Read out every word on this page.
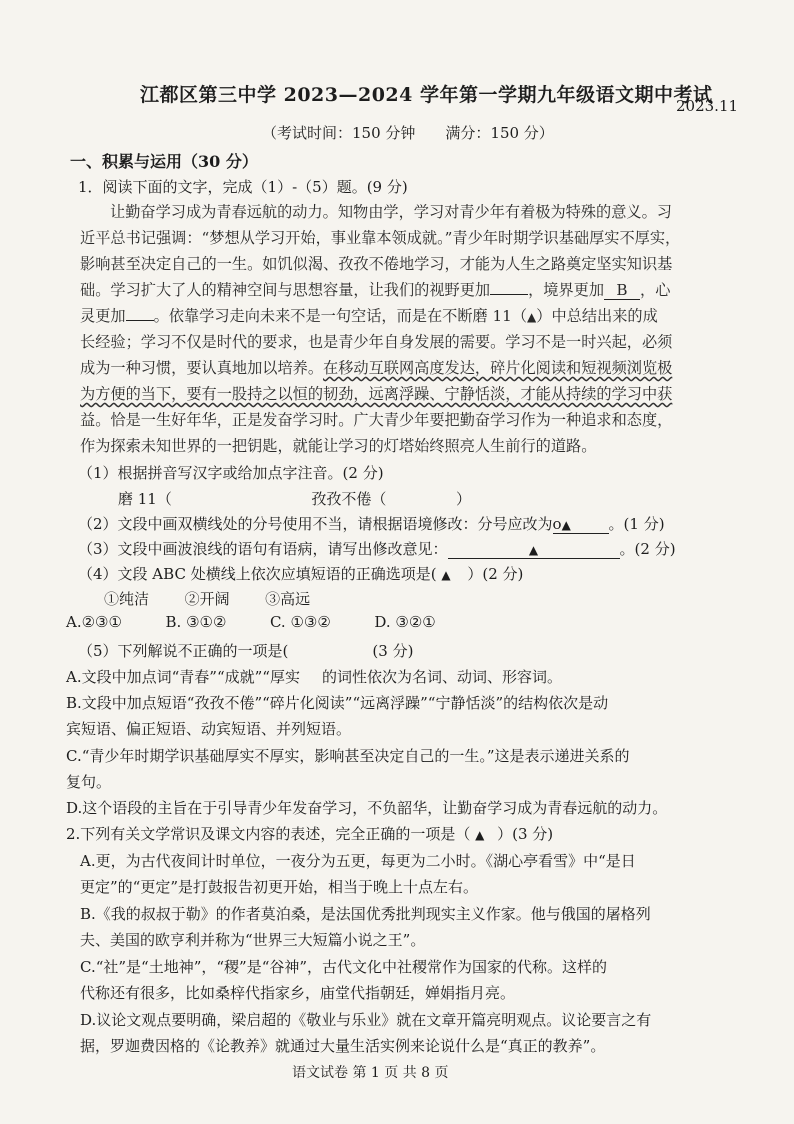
江都区第三中学 2023—2024 学年第一学期九年级语文期中考试
2023.11
（考试时间：150 分钟　　满分：150 分）
一、积累与运用（30 分）
1．阅读下面的文字，完成（1）-（5）题。(9 分)
让勤奋学习成为青春远航的动力。知物由学，学习对青少年有着极为特殊的意义。习
近平总书记强调：“梦想从学习开始，事业靠本领成就。”青少年时期学识基础厚实不厚实，
影响甚至决定自己的一生。如饥似渴、孜孜不倦地学习，才能为人生之路奠定坚实知识基
础。学习扩大了人的精神空间与思想容量，让我们的视野更加	，境界更加 B ，心
灵更加 。依靠学习走向未来不是一句空话，而是在不断磨 11（▲）中总结出来的成
长经验；学习不仅是时代的要求，也是青少年自身发展的需要。学习不是一时兴起，必须
成为一种习惯，要认真地加以培养。在移动互联网高度发达，碎片化阅读和短视频浏览极
为方便的当下，要有一股持之以恒的韧劲，远离浮躁、宁静恬淡，才能从持续的学习中获
益。恰是一生好年华，正是发奋学习时。广大青少年要把勤奋学习作为一种追求和态度，
作为探索未知世界的一把钥匙，就能让学习的灯塔始终照亮人生前行的道路。
（1）根据拼音写汉字或给加点字注音。(2 分)
磨 11（	孜孜不倦（	）
（2）文段中画双横线处的分号使用不当，请根据语境修改：分号应改为o▲	。(1 分)
（3）文段中画波浪线的语句有语病，请写出修改意见：	▲	。(2 分)
（4）文段 ABC 处横线上依次应填短语的正确选项是( ▲ ）(2 分)
①纯洁 ②开阔 ③高远
A.②③①	B. ③①②	C. ①③②	D. ③②①
（5）下列解说不正确的一项是(	(3 分)
A.文段中加点词“青春”“成就”“厚实 的词性依次为名词、动词、形容词。
B.文段中加点短语“孜孜不倦”“碎片化阅读”“远离浮躁”“宁静恬淡”的结构依次是动
宾短语、偏正短语、动宾短语、并列短语。
C.“青少年时期学识基础厚实不厚实，影响甚至决定自己的一生。”这是表示递进关系的
复句。
D.这个语段的主旨在于引导青少年发奋学习，不负韶华，让勤奋学习成为青春远航的动力。
2.下列有关文学常识及课文内容的表述，完全正确的一项是（ ▲ ）(3 分)
A.更，为古代夜间计时单位，一夜分为五更，每更为二小时。《湖心亭看雪》中“是日
更定”的“更定”是打鼓报告初更开始，相当于晚上十点左右。
B.《我的叔叔于勒》的作者莫泊桑，是法国优秀批判现实主义作家。他与俄国的屠格列
夫、美国的欧亨利并称为“世界三大短篇小说之王”。
C.“社”是“土地神”，“稷”是“谷神”，古代文化中社稷常作为国家的代称。这样的
代称还有很多，比如桑梓代指家乡，庙堂代指朝廷，婵娟指月亮。
D.议论文观点要明确，梁启超的《敬业与乐业》就在文章开篇亮明观点。议论要言之有
据，罗迦费因格的《论教养》就通过大量生活实例来论说什么是“真正的教养”。
语文试卷 第 1 页 共 8 页
